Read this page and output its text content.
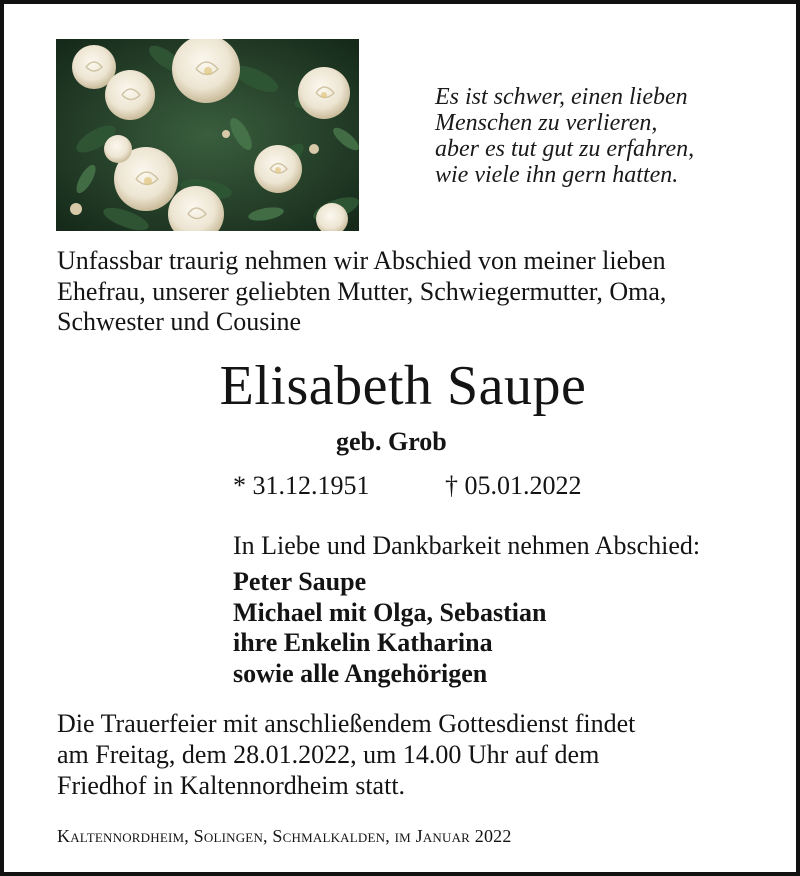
Es ist schwer, einen lieben
Menschen zu verlieren,
aber es tut gut zu erfahren,
wie viele ihn gern hatten.
Unfassbar traurig nehmen wir Abschied von meiner lieben
Ehefrau, unserer geliebten Mutter, Schwiegermutter, Oma,
Schwester und Cousine
Elisabeth Saupe
geb. Grob
* 31.12.1951	† 05.01.2022
In Liebe und Dankbarkeit nehmen Abschied:
Peter Saupe
Michael mit Olga, Sebastian
ihre Enkelin Katharina
sowie alle Angehörigen
Die Trauerfeier mit anschließendem Gottesdienst findet
am Freitag, dem 28.01.2022, um 14.00 Uhr auf dem
Friedhof in Kaltennordheim statt.
Kaltennordheim, Solingen, Schmalkalden, im Januar 2022
